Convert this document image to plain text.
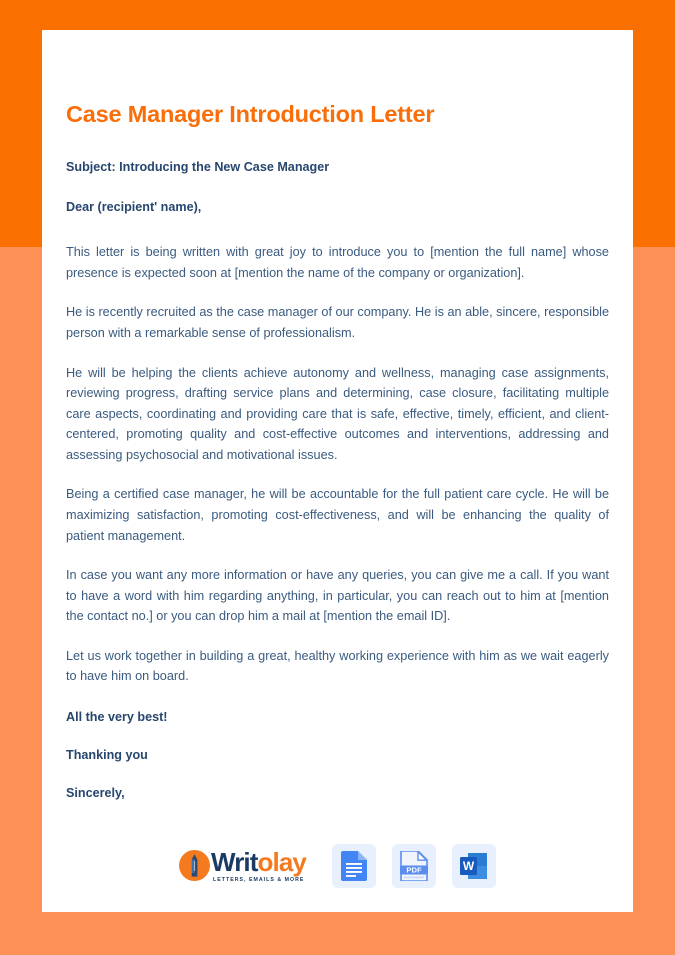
Case Manager Introduction Letter

Subject: Introducing the New Case Manager

Dear (recipient' name),

This letter is being written with great joy to introduce you to [mention the full name] whose presence is expected soon at [mention the name of the company or organization].

He is recently recruited as the case manager of our company. He is an able, sincere, responsible person with a remarkable sense of professionalism.

He will be helping the clients achieve autonomy and wellness, managing case assignments, reviewing progress, drafting service plans and determining, case closure, facilitating multiple care aspects, coordinating and providing care that is safe, effective, timely, efficient, and client-centered, promoting quality and cost-effective outcomes and interventions, addressing and assessing psychosocial and motivational issues.

Being a certified case manager, he will be accountable for the full patient care cycle. He will be maximizing satisfaction, promoting cost-effectiveness, and will be enhancing the quality of patient management.

In case you want any more information or have any queries, you can give me a call. If you want to have a word with him regarding anything, in particular, you can reach out to him at [mention the contact no.] or you can drop him a mail at [mention the email ID].

Let us work together in building a great, healthy working experience with him as we wait eagerly to have him on board.

All the very best!

Thanking you

Sincerely,

Writolay
LETTERS, EMAILS & MORE
PDF	W
